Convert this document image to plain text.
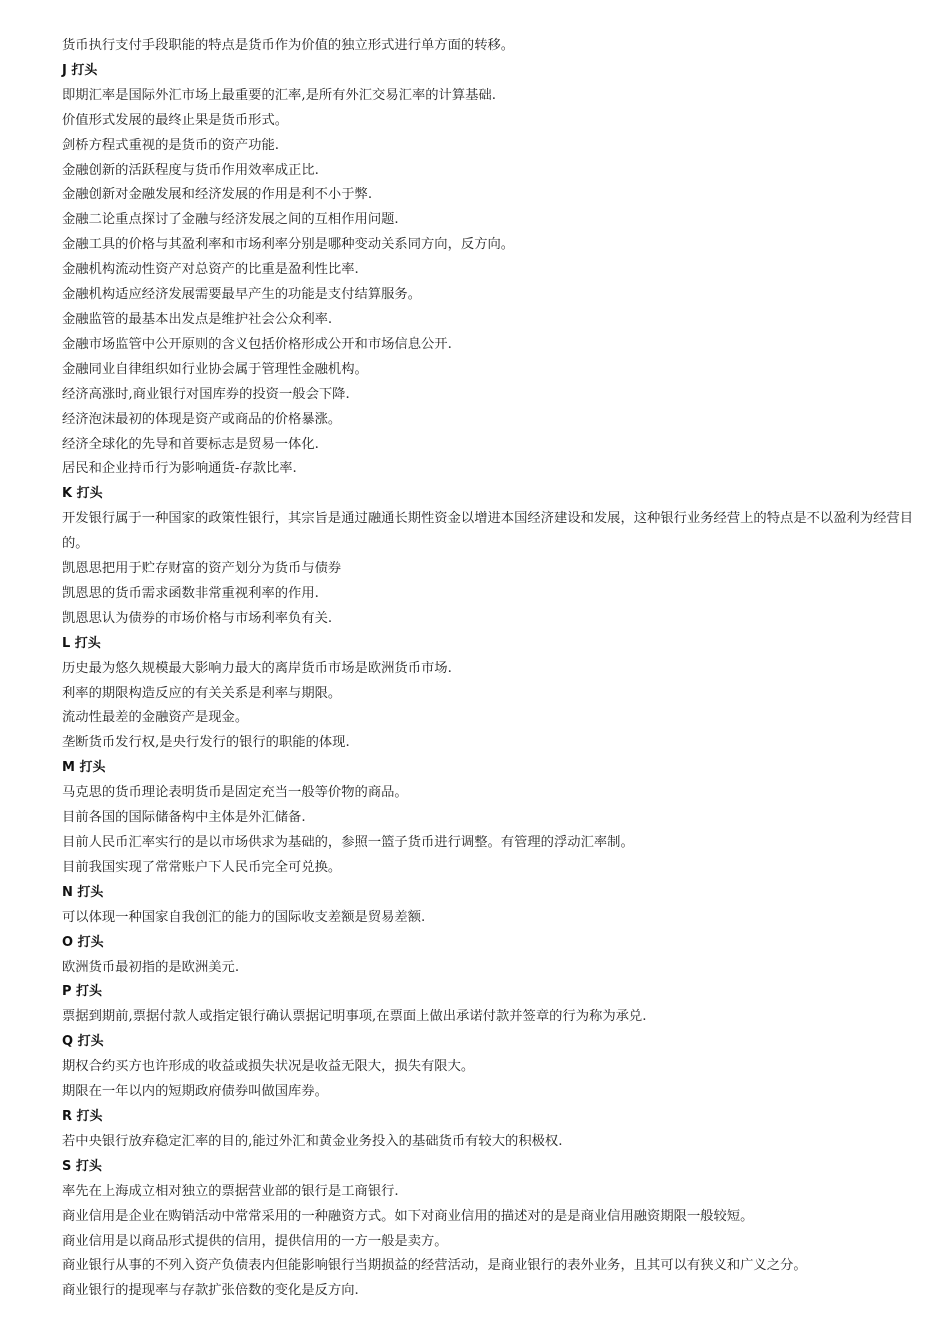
货币执行支付手段职能的特点是货币作为价值的独立形式进行单方面的转移。
J 打头
即期汇率是国际外汇市场上最重要的汇率,是所有外汇交易汇率的计算基础.
价值形式发展的最终止果是货币形式。
剑桥方程式重视的是货币的资产功能.
金融创新的活跃程度与货币作用效率成正比.
金融创新对金融发展和经济发展的作用是利不小于弊.
金融二论重点探讨了金融与经济发展之间的互相作用问题.
金融工具的价格与其盈利率和市场利率分别是哪种变动关系同方向，反方向。
金融机构流动性资产对总资产的比重是盈利性比率.
金融机构适应经济发展需要最早产生的功能是支付结算服务。
金融监管的最基本出发点是维护社会公众利率.
金融市场监管中公开原则的含义包括价格形成公开和市场信息公开.
金融同业自律组织如行业协会属于管理性金融机构。
经济高涨时,商业银行对国库券的投资一般会下降.
经济泡沫最初的体现是资产或商品的价格暴涨。
经济全球化的先导和首要标志是贸易一体化.
居民和企业持币行为影响通货-存款比率.
K 打头
开发银行属于一种国家的政策性银行，其宗旨是通过融通长期性资金以增进本国经济建设和发展，这种银行业务经营上的特点是不以盈利为经营目的。
凯恩思把用于贮存财富的资产划分为货币与债券
凯恩思的货币需求函数非常重视利率的作用.
凯恩思认为债券的市场价格与市场利率负有关.
L 打头
历史最为悠久规模最大影响力最大的离岸货币市场是欧洲货币市场.
利率的期限构造反应的有关关系是利率与期限。
流动性最差的金融资产是现金。
垄断货币发行权,是央行发行的银行的职能的体现.
M 打头
马克思的货币理论表明货币是固定充当一般等价物的商品。
目前各国的国际储备构中主体是外汇储备.
目前人民币汇率实行的是以市场供求为基础的，参照一篮子货币进行调整。有管理的浮动汇率制。
目前我国实现了常常账户下人民币完全可兑换。
N 打头
可以体现一种国家自我创汇的能力的国际收支差额是贸易差额.
O 打头
欧洲货币最初指的是欧洲美元.
P 打头
票据到期前,票据付款人或指定银行确认票据记明事项,在票面上做出承诺付款并签章的行为称为承兑.
Q 打头
期权合约买方也许形成的收益或损失状况是收益无限大，损失有限大。
期限在一年以内的短期政府债券叫做国库券。
R 打头
若中央银行放弃稳定汇率的目的,能过外汇和黄金业务投入的基础货币有较大的积极权.
S 打头
率先在上海成立相对独立的票据营业部的银行是工商银行.
商业信用是企业在购销活动中常常采用的一种融资方式。如下对商业信用的描述对的是是商业信用融资期限一般较短。
商业信用是以商品形式提供的信用，提供信用的一方一般是卖方。
商业银行从事的不列入资产负债表内但能影响银行当期损益的经营活动，是商业银行的表外业务，且其可以有狭义和广义之分。
商业银行的提现率与存款扩张倍数的变化是反方向.
